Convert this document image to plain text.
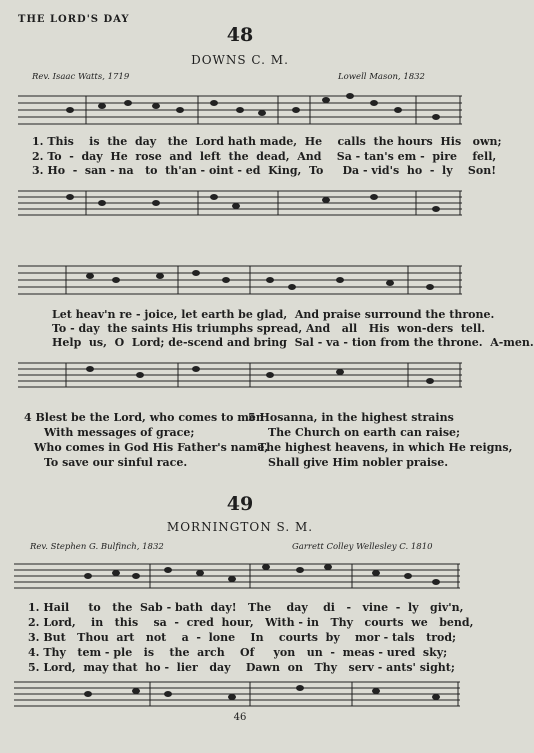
THE LORD'S DAY
48
DOWNS C. M.
Rev. Isaac Watts, 1719	Lowell Mason, 1832
1. This    is  the  day   the  Lord hath made,  He    calls  the hours  His   own;
2. To  -  day  He  rose  and  left  the  dead,  And    Sa - tan's em -  pire    fell,
3. Ho  -  san - na   to  th'an - oint - ed  King,  To     Da - vid's  ho  -  ly    Son!
Let heav'n re - joice, let earth be glad,  And praise surround the throne.
To - day  the saints His triumphs spread, And   all   His  won-ders  tell.
Help  us,  O  Lord; de-scend and bring  Sal - va - tion from the throne.  A-men.
4 Blest be the Lord, who comes to men
With messages of grace;
Who comes in God His Father's name,
To save our sinful race.
5 Hosanna, in the highest strains
The Church on earth can raise;
The highest heavens, in which He reigns,
Shall give Him nobler praise.
49
MORNINGTON S. M.
Rev. Stephen G. Bulfinch, 1832	Garrett Colley Wellesley C. 1810
1. Hail     to   the  Sab - bath  day!   The    day    di   -   vine  -  ly   giv'n,
2. Lord,    in   this    sa  -  cred  hour,   With - in   Thy   courts  we   bend,
3. But   Thou  art   not    a  -  lone    In    courts  by    mor - tals   trod;
4. Thy   tem - ple   is    the  arch    Of     yon   un  -  meas - ured  sky;
5. Lord,  may that  ho -  lier   day    Dawn  on   Thy   serv - ants' sight;
46
